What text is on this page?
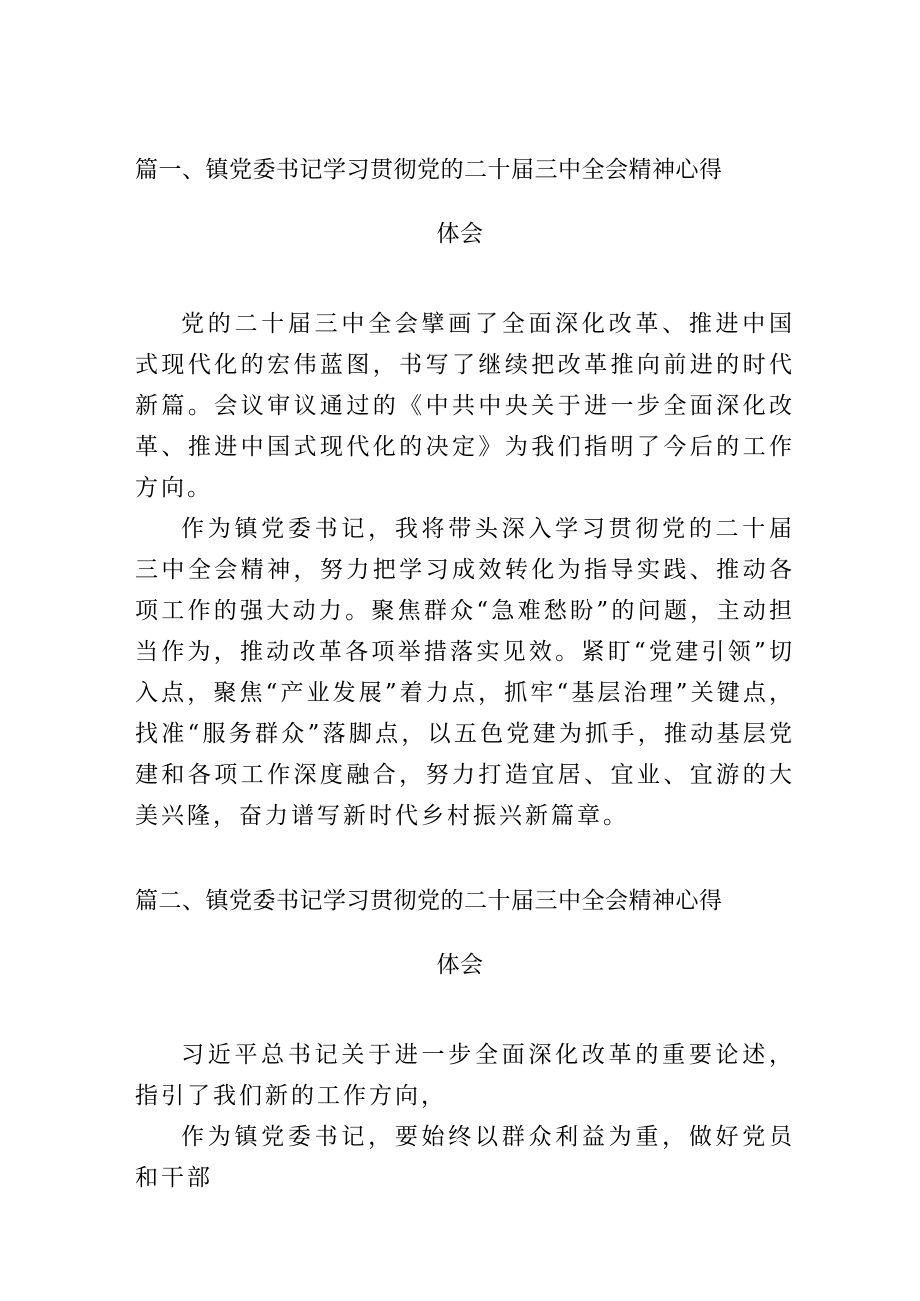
篇一、镇党委书记学习贯彻党的二十届三中全会精神心得
体会

党的二十届三中全会擘画了全面深化改革、推进中国式现代化的宏伟蓝图，书写了继续把改革推向前进的时代新篇。会议审议通过的《中共中央关于进一步全面深化改革、推进中国式现代化的决定》为我们指明了今后的工作方向。

作为镇党委书记，我将带头深入学习贯彻党的二十届三中全会精神，努力把学习成效转化为指导实践、推动各项工作的强大动力。聚焦群众“急难愁盼”的问题，主动担当作为，推动改革各项举措落实见效。紧盯“党建引领”切入点，聚焦“产业发展”着力点，抓牢“基层治理”关键点，找准“服务群众”落脚点，以五色党建为抓手，推动基层党建和各项工作深度融合，努力打造宜居、宜业、宜游的大美兴隆，奋力谱写新时代乡村振兴新篇章。

篇二、镇党委书记学习贯彻党的二十届三中全会精神心得
体会

习近平总书记关于进一步全面深化改革的重要论述，指引了我们新的工作方向，

作为镇党委书记，要始终以群众利益为重，做好党员和干部
